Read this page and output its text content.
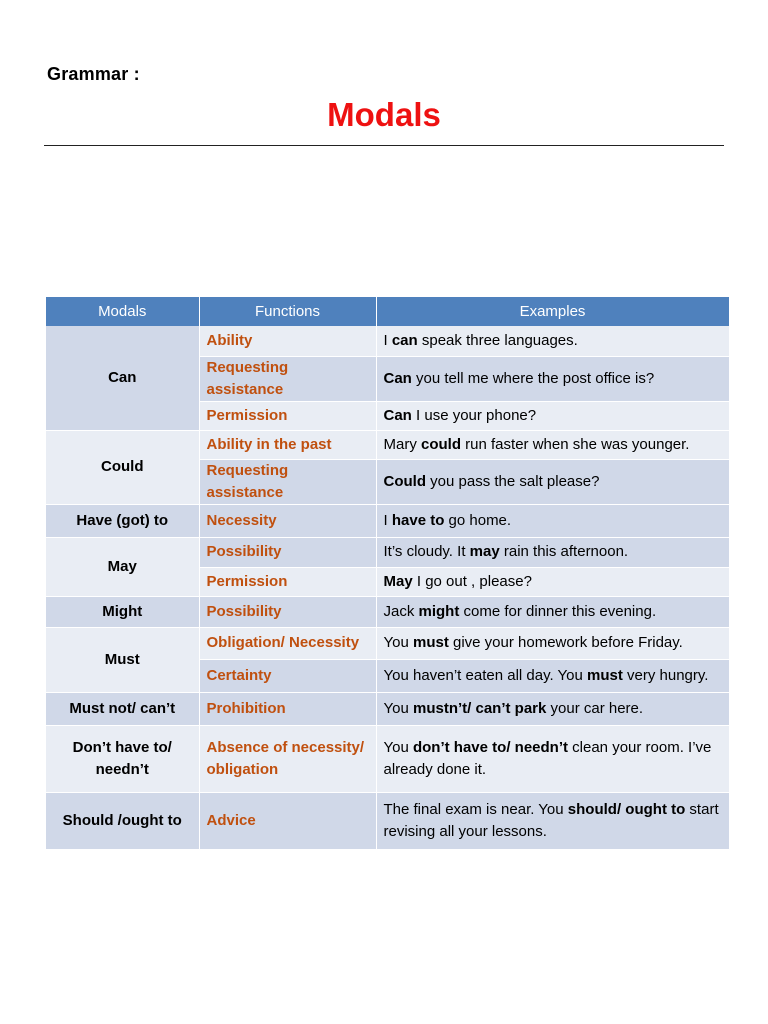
Grammar :
Modals
Modals	Functions	Examples
Can	Ability	I can speak three languages.
	Requesting assistance	Can you tell me where the post office is?
	Permission	Can I use your phone?
Could	Ability in the past	Mary could run faster when she was younger.
	Requesting assistance	Could you pass the salt please?
Have (got) to	Necessity	I have to go home.
May	Possibility	It’s cloudy. It may rain this afternoon.
	Permission	May I go out , please?
Might	Possibility	Jack might come for dinner this evening.
Must	Obligation/ Necessity	You must give your homework before Friday.
	Certainty	You haven’t eaten all day. You must very hungry.
Must not/ can’t	Prohibition	You mustn’t/ can’t park your car here.
Don’t have to/ needn’t	Absence of necessity/ obligation	You don’t have to/ needn’t clean your room. I’ve already done it.
Should /ought to	Advice	The final exam is near. You should/ ought to start revising all your lessons.
